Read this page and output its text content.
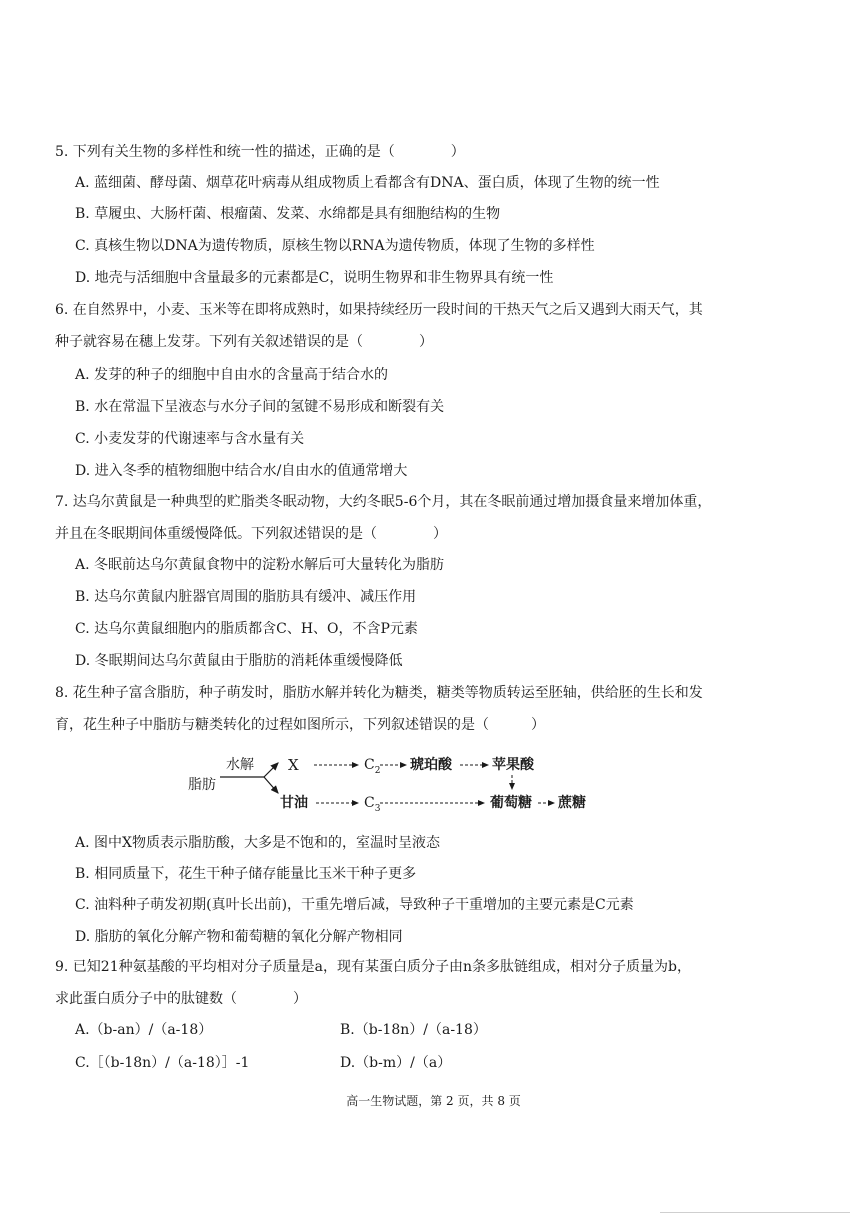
5. 下列有关生物的多样性和统一性的描述，正确的是（　　　　）
A. 蓝细菌、酵母菌、烟草花叶病毒从组成物质上看都含有DNA、蛋白质，体现了生物的统一性
B. 草履虫、大肠杆菌、根瘤菌、发菜、水绵都是具有细胞结构的生物
C. 真核生物以DNA为遗传物质，原核生物以RNA为遗传物质，体现了生物的多样性
D. 地壳与活细胞中含量最多的元素都是C，说明生物界和非生物界具有统一性
6. 在自然界中，小麦、玉米等在即将成熟时，如果持续经历一段时间的干热天气之后又遇到大雨天气，其
种子就容易在穗上发芽。下列有关叙述错误的是（　　　　）
A. 发芽的种子的细胞中自由水的含量高于结合水的
B. 水在常温下呈液态与水分子间的氢键不易形成和断裂有关
C. 小麦发芽的代谢速率与含水量有关
D. 进入冬季的植物细胞中结合水/自由水的值通常增大
7. 达乌尔黄鼠是一种典型的贮脂类冬眠动物，大约冬眠5-6个月，其在冬眠前通过增加摄食量来增加体重，
并且在冬眠期间体重缓慢降低。下列叙述错误的是（　　　　）
A. 冬眠前达乌尔黄鼠食物中的淀粉水解后可大量转化为脂肪
B. 达乌尔黄鼠内脏器官周围的脂肪具有缓冲、减压作用
C. 达乌尔黄鼠细胞内的脂质都含C、H、O，不含P元素
D. 冬眠期间达乌尔黄鼠由于脂肪的消耗体重缓慢降低
8. 花生种子富含脂肪，种子萌发时，脂肪水解并转化为糖类，糖类等物质转运至胚轴，供给胚的生长和发
育，花生种子中脂肪与糖类转化的过程如图所示，下列叙述错误的是（　　　）
脂肪
水解 X	$C_2$ 琥珀酸	苹果酸
甘油	$C_3$	葡萄糖 蔗糖
A. 图中X物质表示脂肪酸，大多是不饱和的，室温时呈液态
B. 相同质量下，花生干种子储存能量比玉米干种子更多
C. 油料种子萌发初期(真叶长出前)，干重先增后减，导致种子干重增加的主要元素是C元素
D. 脂肪的氧化分解产物和葡萄糖的氧化分解产物相同
9. 已知21种氨基酸的平均相对分子质量是a，现有某蛋白质分子由n条多肽链组成，相对分子质量为b，
求此蛋白质分子中的肽键数（　　　　）
A.（b-an）/（a-18）	B.（b-18n）/（a-18）
C.［（b-18n）/（a-18）］-1	D.（b-m）/（a）
高一生物试题，第 2 页，共 8 页
